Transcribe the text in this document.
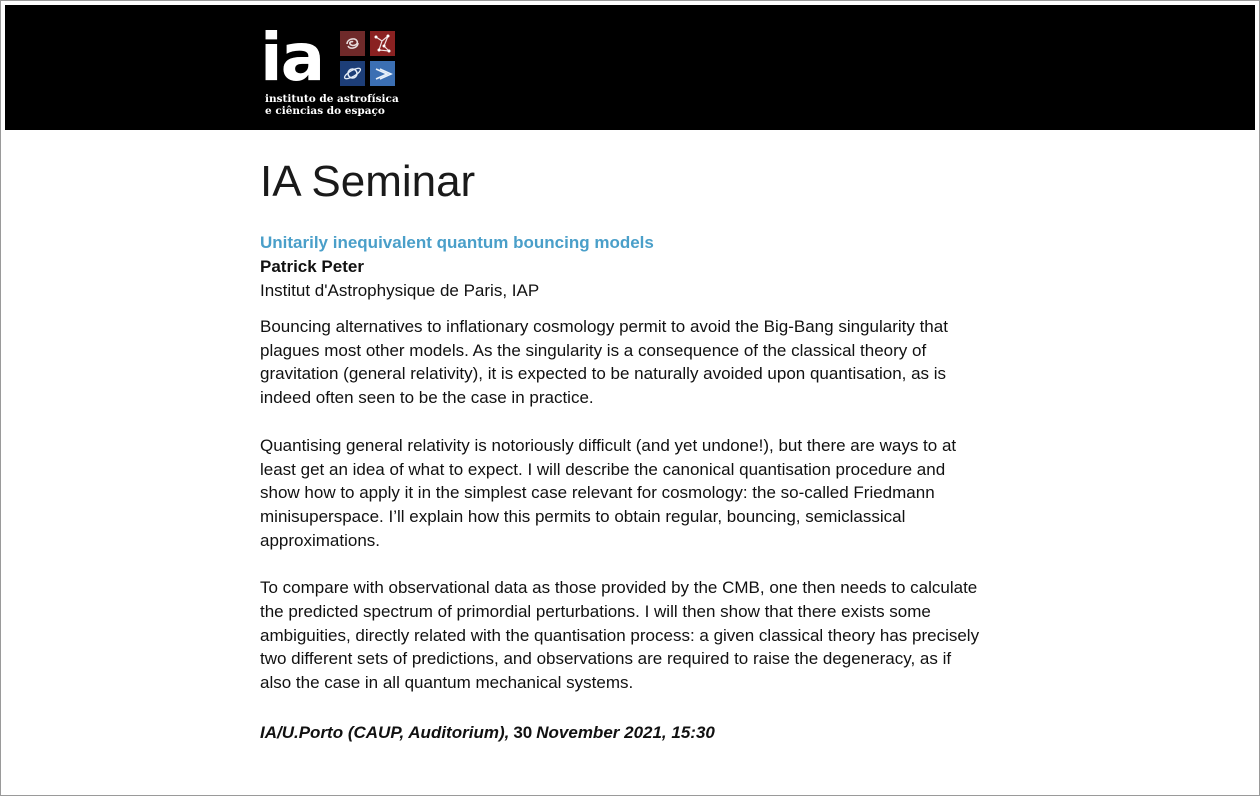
ia
instituto de astrofísica
e ciências do espaço
IA Seminar
Unitarily inequivalent quantum bouncing models
Patrick Peter
Institut d'Astrophysique de Paris, IAP

Bouncing alternatives to inflationary cosmology permit to avoid the Big-Bang singularity that plagues most other models. As the singularity is a consequence of the classical theory of gravitation (general relativity), it is expected to be naturally avoided upon quantisation, as is indeed often seen to be the case in practice.

Quantising general relativity is notoriously difficult (and yet undone!), but there are ways to at least get an idea of what to expect. I will describe the canonical quantisation procedure and show how to apply it in the simplest case relevant for cosmology: the so-called Friedmann minisuperspace. I’ll explain how this permits to obtain regular, bouncing, semiclassical approximations.

To compare with observational data as those provided by the CMB, one then needs to calculate the predicted spectrum of primordial perturbations. I will then show that there exists some ambiguities, directly related with the quantisation process: a given classical theory has precisely two different sets of predictions, and observations are required to raise the degeneracy, as if also the case in all quantum mechanical systems.

IA/U.Porto (CAUP, Auditorium), 30 November 2021, 15:30
